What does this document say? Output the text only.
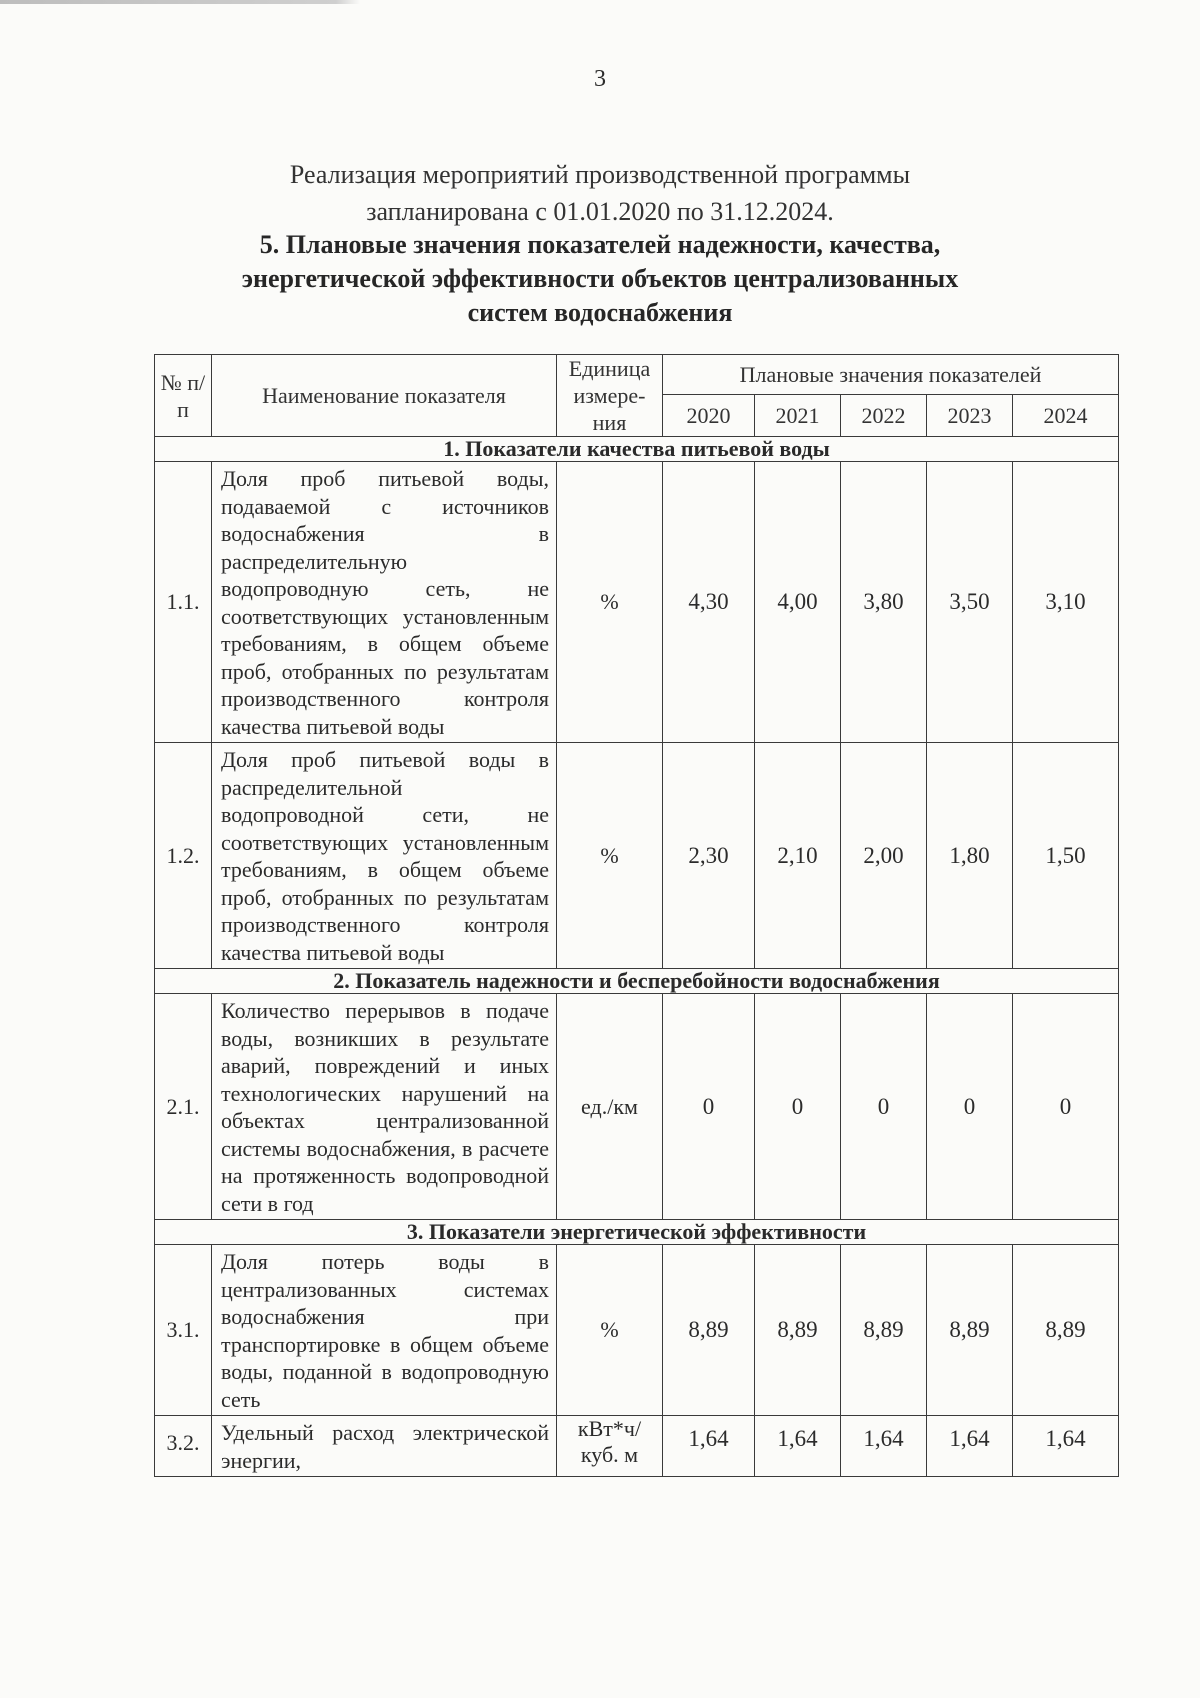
3
Реализация мероприятий производственной программы
запланирована с 01.01.2020 по 31.12.2024.
5. Плановые значения показателей надежности, качества,
энергетической эффективности объектов централизованных
систем водоснабжения
№ п/п	Наименование показателя	Единица измере-ния	Плановые значения показателей				
			2020	2021	2022	2023	2024
1. Показатели качества питьевой воды							
1.1.	Доля проб питьевой воды, подаваемой с источников водоснабжения в распределительную водопроводную сеть, не соответствующих установленным требованиям, в общем объеме проб, отобранных по результатам производственного контроля качества питьевой воды	%	4,30	4,00	3,80	3,50	3,10
1.2.	Доля проб питьевой воды в распределительной водопроводной сети, не соответствующих установленным требованиям, в общем объеме проб, отобранных по результатам производственного контроля качества питьевой воды	%	2,30	2,10	2,00	1,80	1,50
2. Показатель надежности и бесперебойности водоснабжения							
2.1.	Количество перерывов в подаче воды, возникших в результате аварий, повреждений и иных технологических нарушений на объектах централизованной системы водоснабжения, в расчете на протяженность водопроводной сети в год	ед./км	0	0	0	0	0
3. Показатели энергетической эффективности							
3.1.	Доля потерь воды в централизованных системах водоснабжения при транспортировке в общем объеме воды, поданной в водопроводную сеть	%	8,89	8,89	8,89	8,89	8,89
3.2.	Удельный расход электрической энергии,	кВт*ч/ куб. м	1,64	1,64	1,64	1,64	1,64
